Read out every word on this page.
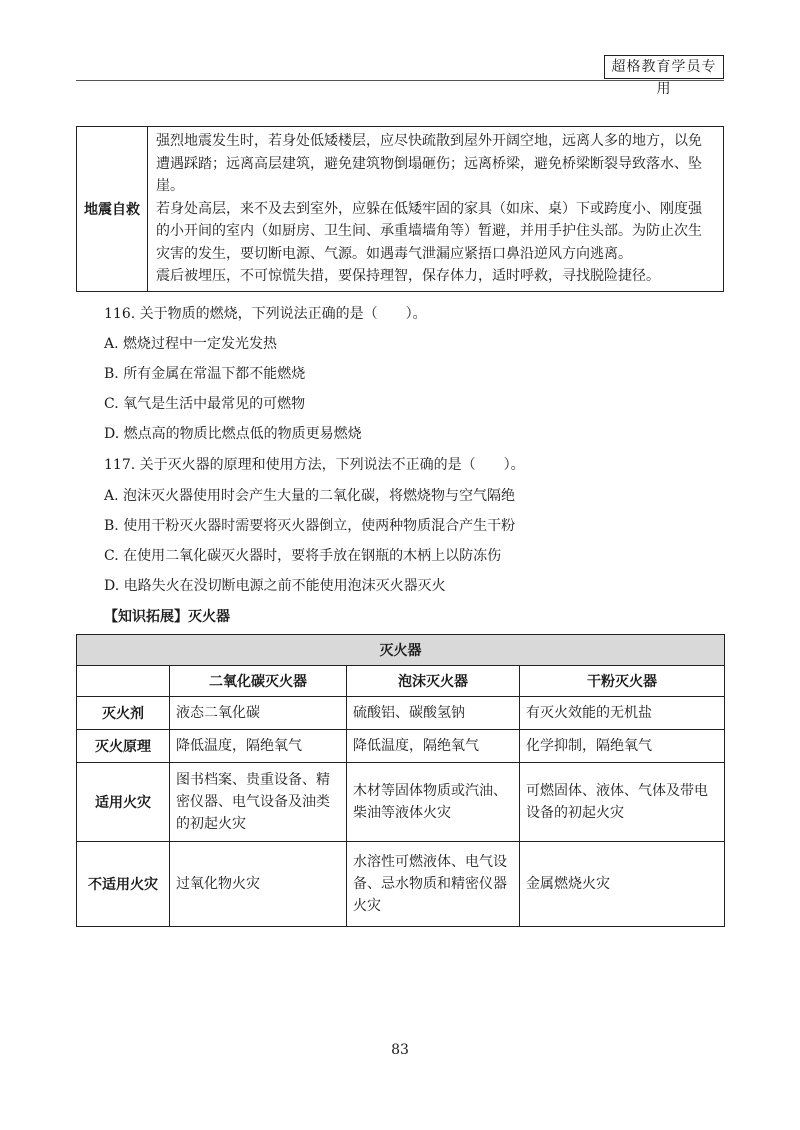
超格教育学员专用
地震自救	

强烈地震发生时，若身处低矮楼层，应尽快疏散到屋外开阔空地，远离人多的地方，以免遭遇踩踏；远离高层建筑，避免建筑物倒塌砸伤；远离桥梁，避免桥梁断裂导致落水、坠崖。

若身处高层，来不及去到室外，应躲在低矮牢固的家具（如床、桌）下或跨度小、刚度强的小开间的室内（如厨房、卫生间、承重墙墙角等）暂避，并用手护住头部。为防止次生灾害的发生，要切断电源、气源。如遇毒气泄漏应紧捂口鼻沿逆风方向逃离。

震后被埋压，不可惊慌失措，要保持理智，保存体力，适时呼救，寻找脱险捷径。

116. 关于物质的燃烧，下列说法正确的是（　　）。
A. 燃烧过程中一定发光发热
B. 所有金属在常温下都不能燃烧
C. 氧气是生活中最常见的可燃物
D. 燃点高的物质比燃点低的物质更易燃烧
117. 关于灭火器的原理和使用方法，下列说法不正确的是（　　）。
A. 泡沫灭火器使用时会产生大量的二氧化碳，将燃烧物与空气隔绝
B. 使用干粉灭火器时需要将灭火器倒立，使两种物质混合产生干粉
C. 在使用二氧化碳灭火器时，要将手放在钢瓶的木柄上以防冻伤
D. 电路失火在没切断电源之前不能使用泡沫灭火器灭火
【知识拓展】灭火器
灭火器			
	二氧化碳灭火器	泡沫灭火器	干粉灭火器
灭火剂	液态二氧化碳	硫酸铝、碳酸氢钠	有灭火效能的无机盐
灭火原理	降低温度，隔绝氧气	降低温度，隔绝氧气	化学抑制，隔绝氧气
适用火灾	图书档案、贵重设备、精密仪器、电气设备及油类的初起火灾	木材等固体物质或汽油、柴油等液体火灾	可燃固体、液体、气体及带电设备的初起火灾
不适用火灾	过氧化物火灾	水溶性可燃液体、电气设备、忌水物质和精密仪器火灾	金属燃烧火灾
83
